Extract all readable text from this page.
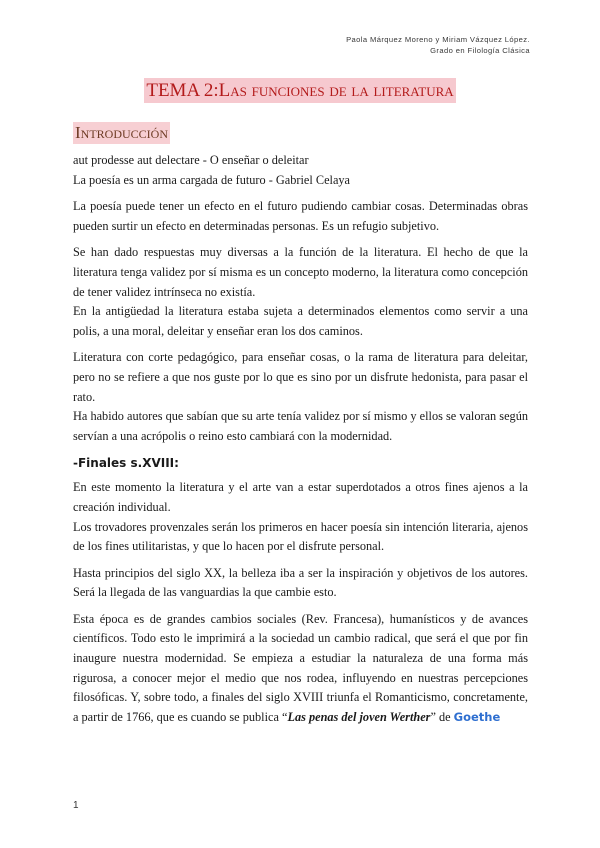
Paola Márquez Moreno y Miriam Vázquez López.
Grado en Filología Clásica
TEMA 2:Las funciones de la literatura
Introducción

aut prodesse aut delectare - O enseñar o deleitar

La poesía es un arma cargada de futuro - Gabriel Celaya

La poesía puede tener un efecto en el futuro pudiendo cambiar cosas. Determinadas obras pueden surtir un efecto en determinadas personas. Es un refugio subjetivo.

Se han dado respuestas muy diversas a la función de la literatura. El hecho de que la literatura tenga validez por sí misma es un concepto moderno, la literatura como concepción de tener validez intrínseca no existía.

En la antigüedad la literatura estaba sujeta a determinados elementos como servir a una polis, a una moral, deleitar y enseñar eran los dos caminos.

Literatura con corte pedagógico, para enseñar cosas, o la rama de literatura para deleitar, pero no se refiere a que nos guste por lo que es sino por un disfrute hedonista, para pasar el rato.

Ha habido autores que sabían que su arte tenía validez por sí mismo y ellos se valoran según servían a una acrópolis o reino esto cambiará con la modernidad.

-Finales s.XVIII:

En este momento la literatura y el arte van a estar superdotados a otros fines ajenos a la creación individual.

Los trovadores provenzales serán los primeros en hacer poesía sin intención literaria, ajenos de los fines utilitaristas, y que lo hacen por el disfrute personal.

Hasta principios del siglo XX, la belleza iba a ser la inspiración y objetivos de los autores. Será la llegada de las vanguardias la que cambie esto.

Esta época es de grandes cambios sociales (Rev. Francesa), humanísticos y de avances científicos. Todo esto le imprimirá a la sociedad un cambio radical, que será el que por fin inaugure nuestra modernidad. Se empieza a estudiar la naturaleza de una forma más rigurosa, a conocer mejor el medio que nos rodea, influyendo en nuestras percepciones filosóficas. Y, sobre todo, a finales del siglo XVIII triunfa el Romanticismo, concretamente, a partir de 1766, que es cuando se publica “Las penas del joven Werther” de Goethe

1
